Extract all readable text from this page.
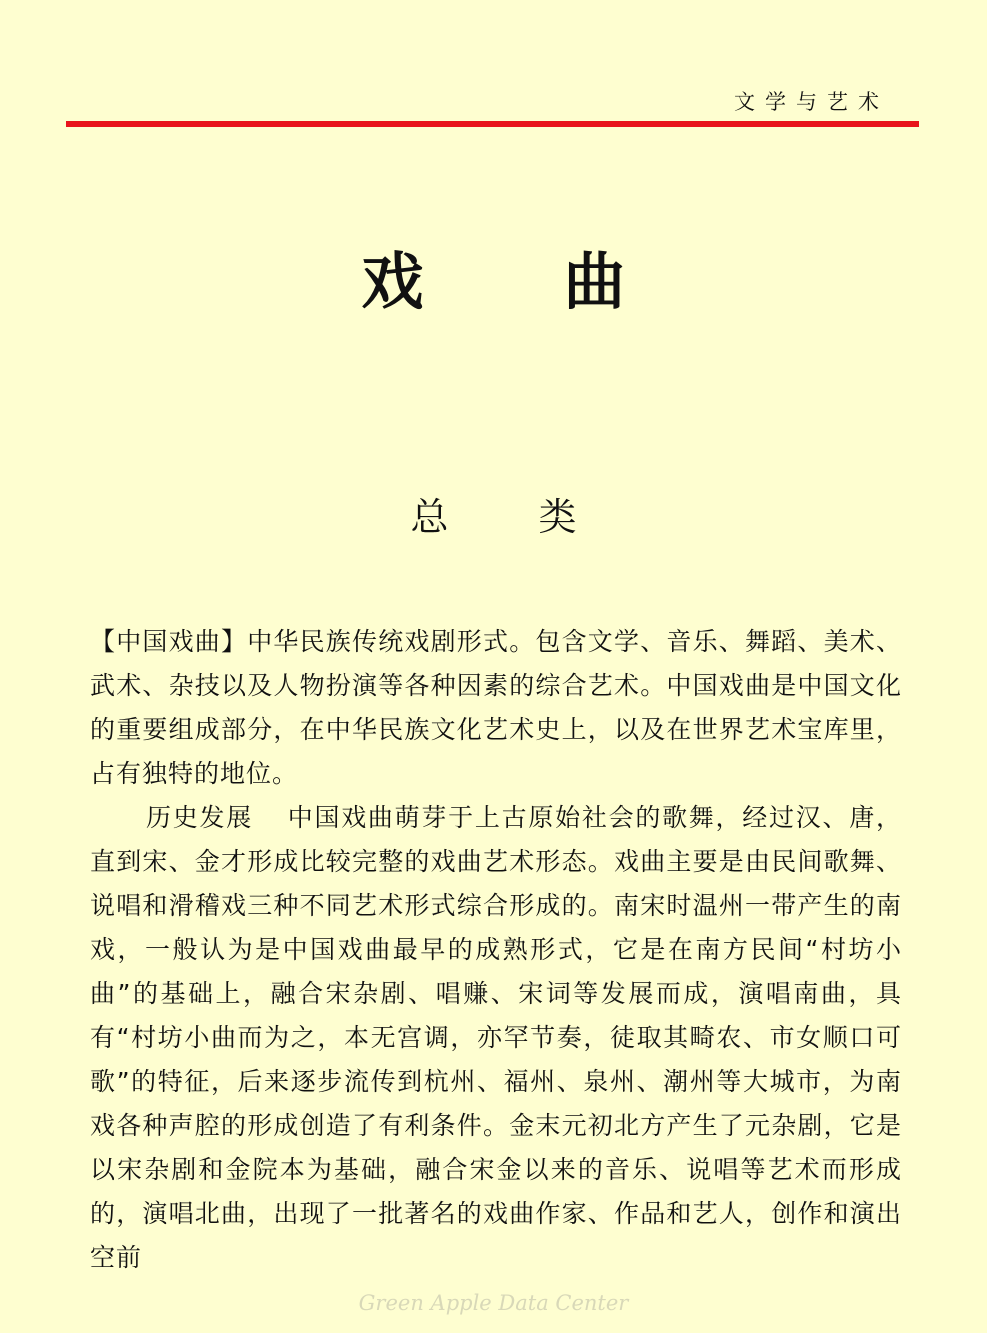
文学与艺术
戏曲
总类

【中国戏曲】中华民族传统戏剧形式。包含文学、音乐、舞蹈、美术、武术、杂技以及人物扮演等各种因素的综合艺术。中国戏曲是中国文化的重要组成部分，在中华民族文化艺术史上，以及在世界艺术宝库里，占有独特的地位。

历史发展 中国戏曲萌芽于上古原始社会的歌舞，经过汉、唐，直到宋、金才形成比较完整的戏曲艺术形态。戏曲主要是由民间歌舞、说唱和滑稽戏三种不同艺术形式综合形成的。南宋时温州一带产生的南戏，一般认为是中国戏曲最早的成熟形式，它是在南方民间“村坊小曲”的基础上，融合宋杂剧、唱赚、宋词等发展而成，演唱南曲，具有“村坊小曲而为之，本无宫调，亦罕节奏，徒取其畸农、市女顺口可歌”的特征，后来逐步流传到杭州、福州、泉州、潮州等大城市，为南戏各种声腔的形成创造了有利条件。金末元初北方产生了元杂剧，它是以宋杂剧和金院本为基础，融合宋金以来的音乐、说唱等艺术而形成的，演唱北曲，出现了一批著名的戏曲作家、作品和艺人，创作和演出空前

Green Apple Data Center
